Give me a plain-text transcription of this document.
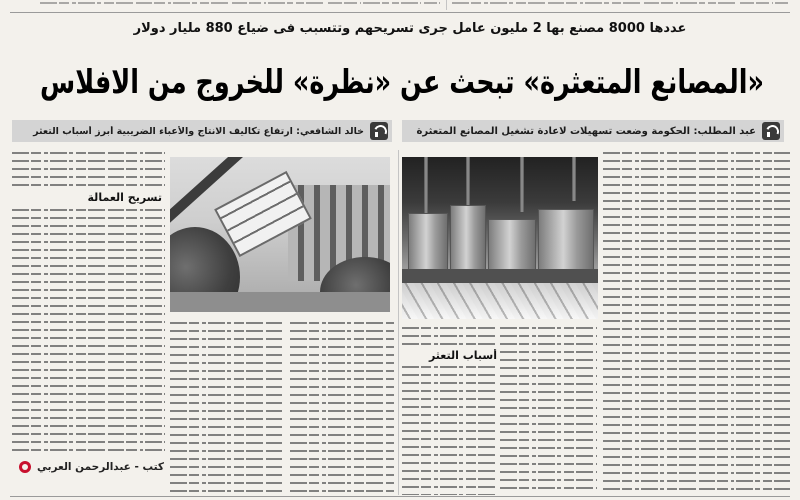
عددها 8000 مصنع بها 2 مليون عامل جرى تسريحهم وتتسبب فى ضياع 880 مليار دولار
«المصانع المتعثرة» تبحث عن «نظرة» للخروج من الافلاس
عبد المطلب: الحكومة وضعت تسهيلات لاعادة تشغيل المصانع المتعثرة
خالد الشافعي: ارتفاع تكاليف الانتاج والأعباء الضريبية أبرز أسباب التعثر
أسباب التعثر
تسريح العمالة
كتب - عبدالرحمن العربي
